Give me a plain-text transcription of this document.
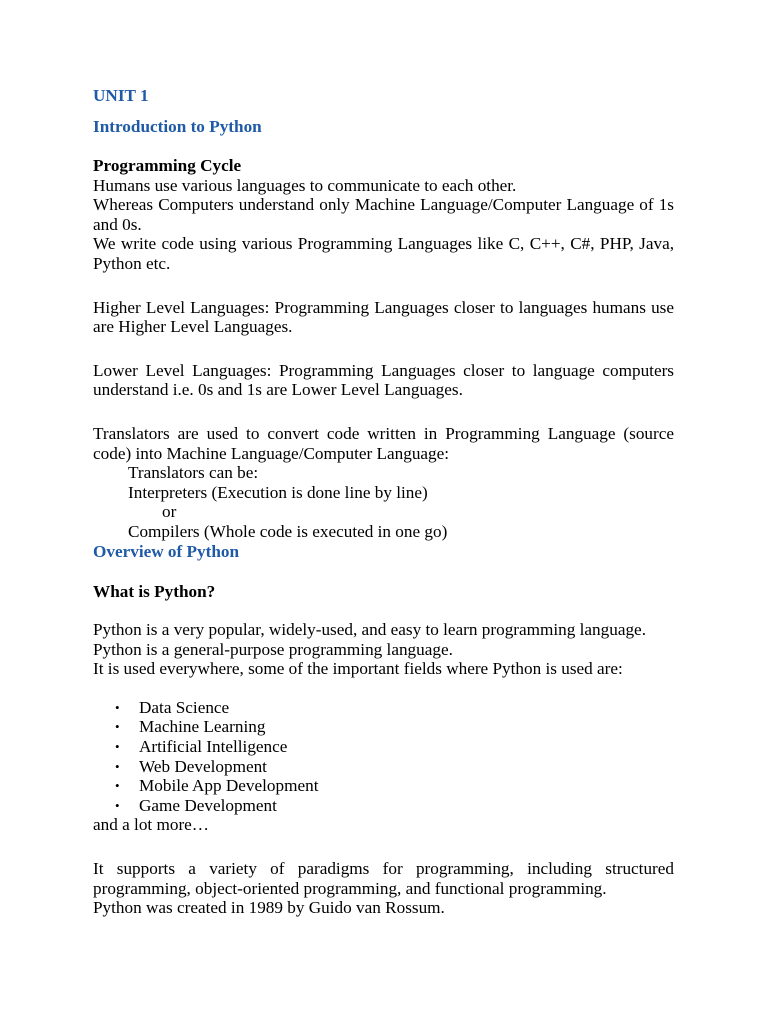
UNIT 1
Introduction to Python
Programming Cycle

Humans use various languages to communicate to each other.

Whereas Computers understand only Machine Language/Computer Language of 1s and 0s.

We write code using various Programming Languages like C, C++, C#, PHP, Java, Python etc.

Higher Level Languages: Programming Languages closer to languages humans use are Higher Level Languages.

Lower Level Languages: Programming Languages closer to language computers understand i.e. 0s and 1s are Lower Level Languages.

Translators are used to convert code written in Programming Language (source code) into Machine Language/Computer Language:

Translators can be:

Interpreters (Execution is done line by line)

or

Compilers (Whole code is executed in one go)

Overview of Python
What is Python?

Python is a very popular, widely-used, and easy to learn programming language.

Python is a general-purpose programming language.

It is used everywhere, some of the important fields where Python is used are:

• Data Science
• Machine Learning
• Artificial Intelligence
• Web Development
• Mobile App Development
• Game Development

and a lot more…

It supports a variety of paradigms for programming, including structured programming, object-oriented programming, and functional programming.

Python was created in 1989 by Guido van Rossum.
